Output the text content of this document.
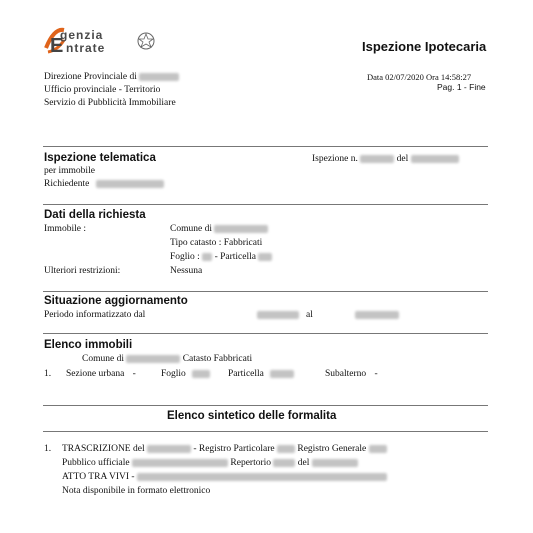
E
genzia
ntrate	Ispezione Ipotecaria
Direzione Provinciale di
Ufficio provinciale - Territorio
Servizio di Pubblicità Immobiliare
Data 02/07/2020 Ora 14:58:27
Pag. 1 - Fine
Ispezione telematica	Ispezione n.	del
per immobile
Richiedente
Dati della richiesta
Immobile :	Comune di
Tipo catasto : Fabbricati
Foglio : - Particella
Ulteriori restrizioni:	Nessuna
Situazione aggiornamento
Periodo informatizzato dal	al
Elenco immobili
Comune di	Catasto Fabbricati
1. Sezione urbana -	Foglio	Particella	Subalterno -
Elenco sintetico delle formalita
1. TRASCRIZIONE del	- Registro Particolare Registro Generale
Pubblico ufficiale	Repertorio	del
ATTO TRA VIVI -
Nota disponibile in formato elettronico
